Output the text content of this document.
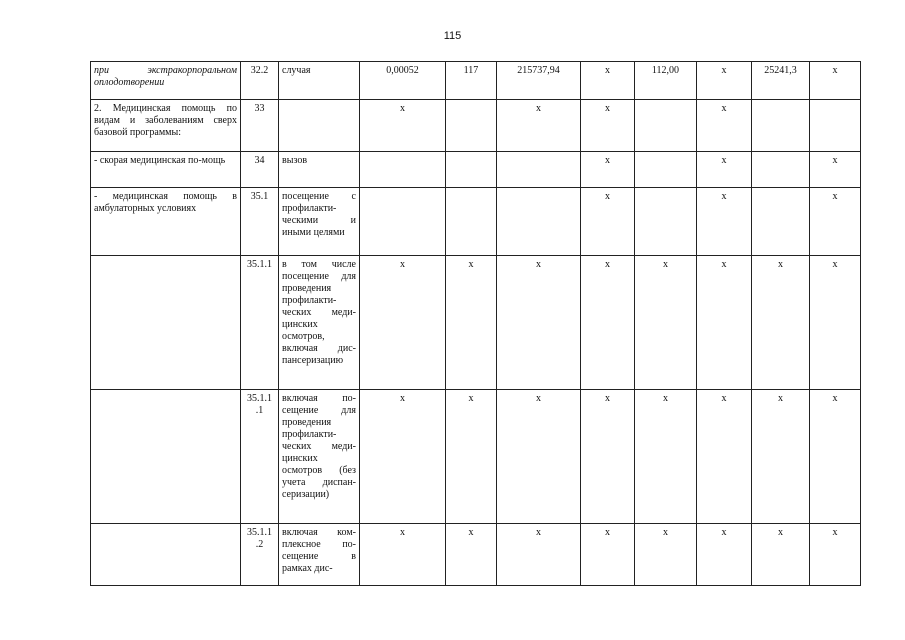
115
при экстракорпоральном оплодотворении	32.2	случая	0,00052	117	215737,94	х	112,00	х	25241,3	х
2. Медицинская помощь по видам и заболеваниям сверх базовой программы:	33		х		х	х		х		
- скорая медицинская по-мощь	34	вызов				х		х		х
- медицинская помощь в амбулаторных условиях	35.1	посещение с профилакти-ческими и иными целями				х		х		х
	35.1.1	в том числе посещение для проведения профилакти-ческих меди-цинских осмотров, включая дис-пансеризацию	х	х	х	х	х	х	х	х
	35.1.1 .1	включая по-сещение для проведения профилакти-ческих меди-цинских осмотров (без учета диспан-серизации)	х	х	х	х	х	х	х	х
	35.1.1 .2	включая ком-плексное по-сещение в рамках дис-	х	х	х	х	х	х	х	х
